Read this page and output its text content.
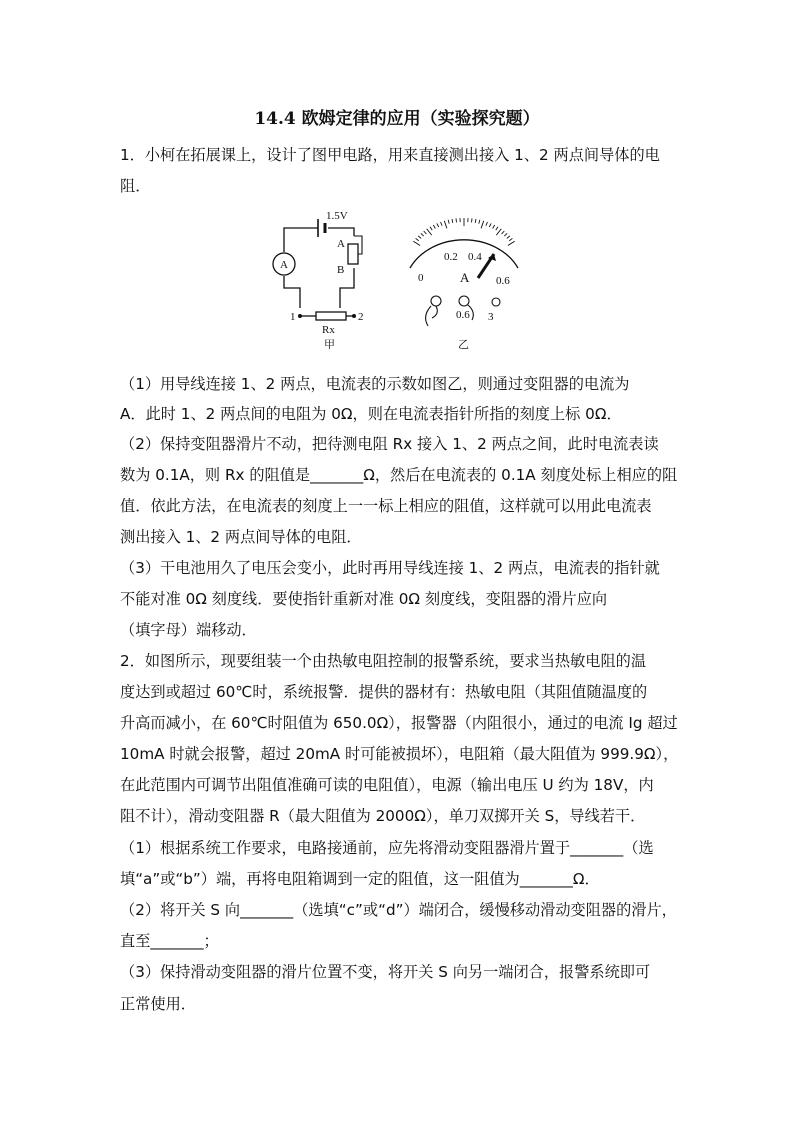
14.4 欧姆定律的应用（实验探究题）
1．小柯在拓展课上，设计了图甲电路，用来直接测出接入 1、2 两点间导体的电
阻．
1.5V
A
A
B
1	2
Rx
甲
0
0.2 0.4
0.6
A
0.6 3
乙
（1）用导线连接 1、2 两点，电流表的示数如图乙，则通过变阻器的电流为
A．此时 1、2 两点间的电阻为 0Ω，则在电流表指针所指的刻度上标 0Ω．
（2）保持变阻器滑片不动，把待测电阻 Rx 接入 1、2 两点之间，此时电流表读
数为 0.1A，则 Rx 的阻值是_______Ω，然后在电流表的 0.1A 刻度处标上相应的阻
值．依此方法，在电流表的刻度上一一标上相应的阻值，这样就可以用此电流表
测出接入 1、2 两点间导体的电阻．
（3）干电池用久了电压会变小，此时再用导线连接 1、2 两点，电流表的指针就
不能对准 0Ω 刻度线．要使指针重新对准 0Ω 刻度线，变阻器的滑片应向
（填字母）端移动．
2．如图所示，现要组装一个由热敏电阻控制的报警系统，要求当热敏电阻的温
度达到或超过 60℃时，系统报警．提供的器材有：热敏电阻（其阻值随温度的
升高而减小，在 60℃时阻值为 650.0Ω），报警器（内阻很小，通过的电流 Ig 超过
10mA 时就会报警，超过 20mA 时可能被损坏），电阻箱（最大阻值为 999.9Ω），
在此范围内可调节出阻值准确可读的电阻值），电源（输出电压 U 约为 18V，内
阻不计），滑动变阻器 R（最大阻值为 2000Ω），单刀双掷开关 S，导线若干．
（1）根据系统工作要求，电路接通前，应先将滑动变阻器滑片置于_______（选
填“a”或“b”）端，再将电阻箱调到一定的阻值，这一阻值为_______Ω．
（2）将开关 S 向_______（选填“c”或“d”）端闭合，缓慢移动滑动变阻器的滑片，
直至_______；
（3）保持滑动变阻器的滑片位置不变，将开关 S 向另一端闭合，报警系统即可
正常使用．
